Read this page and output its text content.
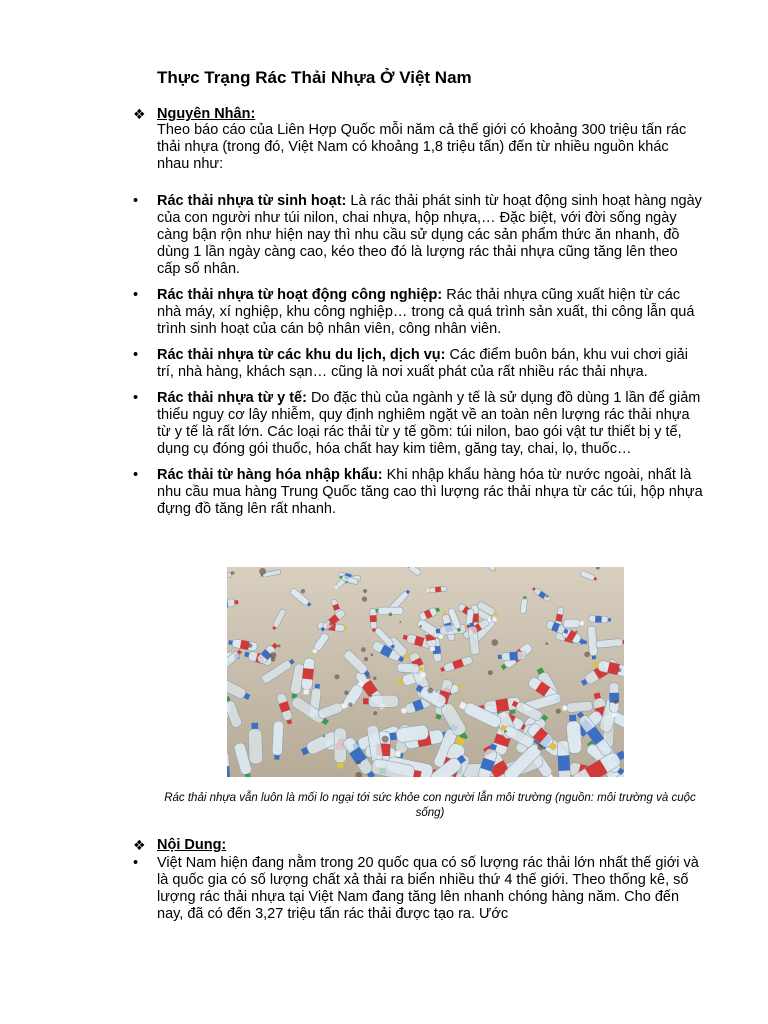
Thực Trạng Rác Thải Nhựa Ở Việt Nam
❖ Nguyên Nhân:

Theo báo cáo của Liên Hợp Quốc mỗi năm cả thế giới có khoảng 300 triệu tấn rác thải nhựa (trong đó, Việt Nam có khoảng 1,8 triệu tấn) đến từ nhiều nguồn khác nhau như:

•	Rác thải nhựa từ sinh hoạt: Là rác thải phát sinh từ hoạt động sinh hoạt hàng ngày của con người như túi nilon, chai nhựa, hộp nhựa,… Đặc biệt, với đời sống ngày càng bận rộn như hiện nay thì nhu cầu sử dụng các sản phẩm thức ăn nhanh, đồ dùng 1 lần ngày càng cao, kéo theo đó là lượng rác thải nhựa cũng tăng lên theo cấp số nhân.
•	Rác thải nhựa từ hoạt động công nghiệp: Rác thải nhựa cũng xuất hiện từ các nhà máy, xí nghiệp, khu công nghiệp… trong cả quá trình sản xuất, thi công lẫn quá trình sinh hoạt của cán bộ nhân viên, công nhân viên.
•	Rác thải nhựa từ các khu du lịch, dịch vụ: Các điểm buôn bán, khu vui chơi giải trí, nhà hàng, khách sạn… cũng là nơi xuất phát của rất nhiều rác thải nhựa.
•	Rác thải nhựa từ y tế: Do đặc thù của ngành y tế là sử dụng đồ dùng 1 lần để giảm thiểu nguy cơ lây nhiễm, quy định nghiêm ngặt về an toàn nên lượng rác thải nhựa từ y tế là rất lớn. Các loại rác thải từ y tế gồm: túi nilon, bao gói vật tư thiết bị y tế, dụng cụ đóng gói thuốc, hóa chất hay kim tiêm, găng tay, chai, lọ, thuốc…
•	Rác thải từ hàng hóa nhập khẩu: Khi nhập khẩu hàng hóa từ nước ngoài, nhất là nhu cầu mua hàng Trung Quốc tăng cao thì lượng rác thải nhựa từ các túi, hộp nhựa đựng đồ tăng lên rất nhanh.

Rác thải nhựa vẫn luôn là mối lo ngại tới sức khỏe con người lẫn môi trường (nguồn: môi trường và cuộc sống)

❖ Nội Dung:
•	Việt Nam hiện đang nằm trong 20 quốc qua có số lượng rác thải lớn nhất thế giới và là quốc gia có số lượng chất xả thải ra biển nhiều thứ 4 thế giới. Theo thống kê, số lượng rác thải nhựa tại Việt Nam đang tăng lên nhanh chóng hàng năm. Cho đến nay, đã có đến 3,27 triệu tấn rác thải được tạo ra. Ước
